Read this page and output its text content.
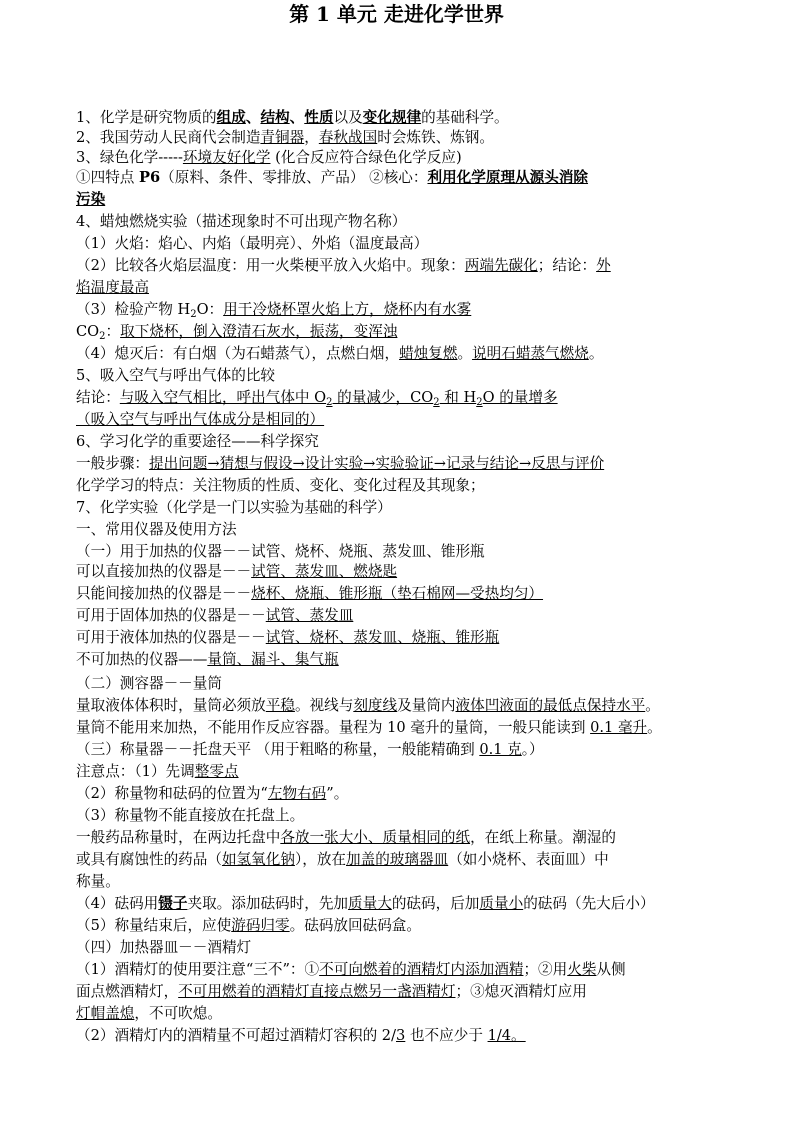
第 1 单元 走进化学世界
1、化学是研究物质的组成、结构、性质以及变化规律的基础科学。
2、我国劳动人民商代会制造青铜器，春秋战国时会炼铁、炼钢。
3、绿色化学-----环境友好化学 (化合反应符合绿色化学反应)
①四特点 P6（原料、条件、零排放、产品） ②核心：利用化学原理从源头消除
污染
4、蜡烛燃烧实验（描述现象时不可出现产物名称）
（1）火焰：焰心、内焰（最明亮）、外焰（温度最高）
（2）比较各火焰层温度：用一火柴梗平放入火焰中。现象：两端先碳化；结论：外
焰温度最高
（3）检验产物 $H_2O$：用干冷烧杯罩火焰上方，烧杯内有水雾
$CO_2$：取下烧杯，倒入澄清石灰水，振荡，变浑浊
（4）熄灭后：有白烟（为石蜡蒸气），点燃白烟，蜡烛复燃。说明石蜡蒸气燃烧。
5、吸入空气与呼出气体的比较
结论：与吸入空气相比，呼出气体中 $O_2$ 的量减少，$CO_2$ 和 $H_2O$ 的量增多
（吸入空气与呼出气体成分是相同的）
6、学习化学的重要途径——科学探究
一般步骤：提出问题→猜想与假设→设计实验→实验验证→记录与结论→反思与评价
化学学习的特点：关注物质的性质、变化、变化过程及其现象；
7、化学实验（化学是一门以实验为基础的科学）
一、常用仪器及使用方法
（一）用于加热的仪器－－试管、烧杯、烧瓶、蒸发皿、锥形瓶
可以直接加热的仪器是－－试管、蒸发皿、燃烧匙
只能间接加热的仪器是－－烧杯、烧瓶、锥形瓶（垫石棉网—受热均匀）
可用于固体加热的仪器是－－试管、蒸发皿
可用于液体加热的仪器是－－试管、烧杯、蒸发皿、烧瓶、锥形瓶
不可加热的仪器——量筒、漏斗、集气瓶
（二）测容器－－量筒
量取液体体积时，量筒必须放平稳。视线与刻度线及量筒内液体凹液面的最低点保持水平。
量筒不能用来加热，不能用作反应容器。量程为 10 毫升的量筒，一般只能读到 0.1 毫升。
（三）称量器－－托盘天平 （用于粗略的称量，一般能精确到 0.1 克。）
注意点：（1）先调整零点
（2）称量物和砝码的位置为“左物右码”。
（3）称量物不能直接放在托盘上。
一般药品称量时，在两边托盘中各放一张大小、质量相同的纸，在纸上称量。潮湿的
或具有腐蚀性的药品（如氢氧化钠），放在加盖的玻璃器皿（如小烧杯、表面皿）中
称量。
（4）砝码用镊子夹取。添加砝码时，先加质量大的砝码，后加质量小的砝码（先大后小）
（5）称量结束后，应使游码归零。砝码放回砝码盒。
（四）加热器皿－－酒精灯
（1）酒精灯的使用要注意“三不”：①不可向燃着的酒精灯内添加酒精；②用火柴从侧
面点燃酒精灯，不可用燃着的酒精灯直接点燃另一盏酒精灯；③熄灭酒精灯应用
灯帽盖熄，不可吹熄。
（2）酒精灯内的酒精量不可超过酒精灯容积的 2/3 也不应少于 1/4。
